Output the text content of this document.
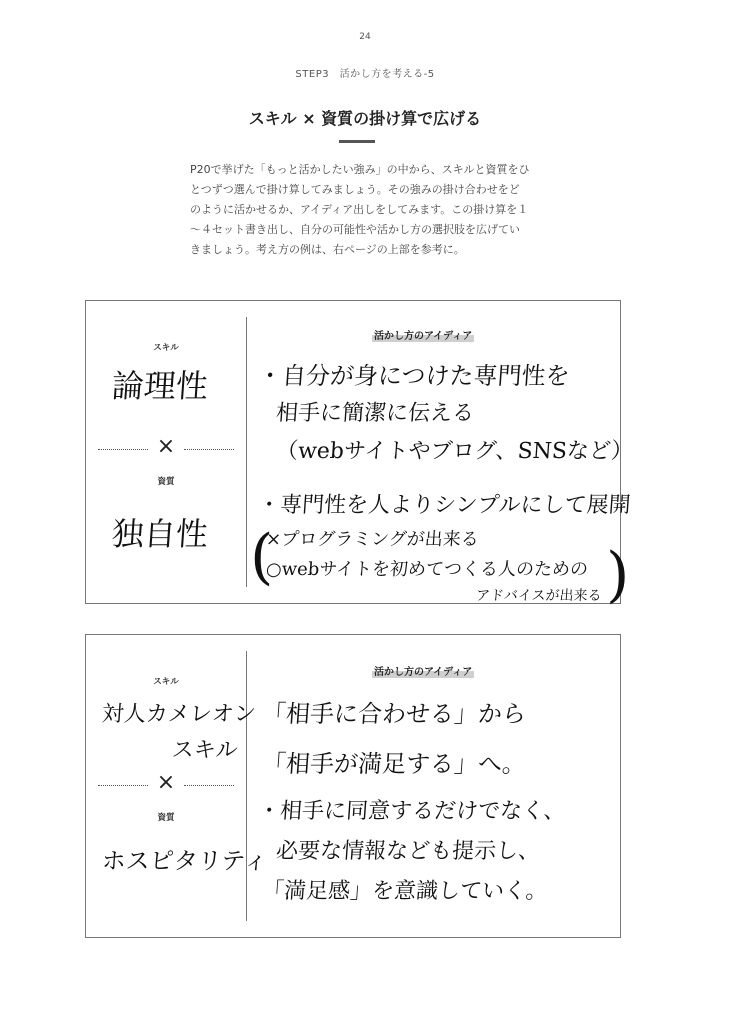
24
STEP3　活かし方を考える-5
スキル × 資質の掛け算で広げる

P20で挙げた「もっと活かしたい強み」の中から、スキルと資質をひとつずつ選んで掛け算してみましょう。その強みの掛け合わせをどのように活かせるか、アイディア出しをしてみます。この掛け算を１～４セット書き出し、自分の可能性や活かし方の選択肢を広げていきましょう。考え方の例は、右ページの上部を参考に。

スキル
論理性
×
資質
独自性
活かし方のアイディア
・自分が身につけた専門性を
相手に簡潔に伝える
（webサイトやブログ、SNSなど）
・専門性を人よりシンプルにして展開
×プログラミングが出来る
○webサイトを初めてつくる人のための
アドバイスが出来る
(	)
スキル
対人カメレオン
スキル
×
資質
ホスピタリティ
活かし方のアイディア
「相手に合わせる」から
「相手が満足する」へ。
・相手に同意するだけでなく、
必要な情報なども提示し、
「満足感」を意識していく。
